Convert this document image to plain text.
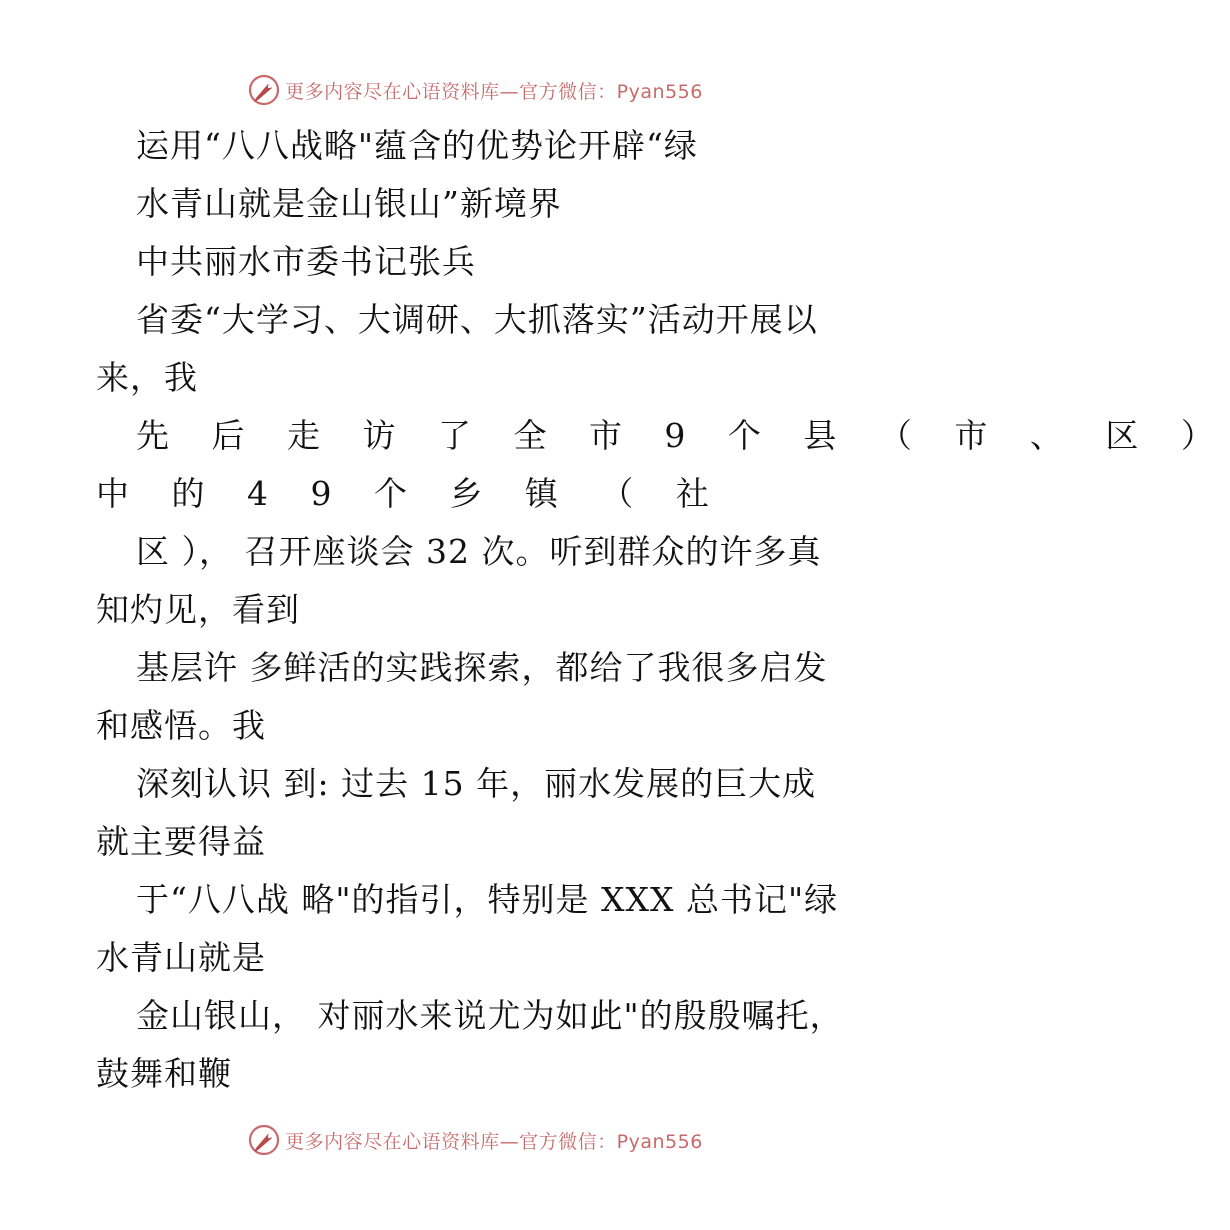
更多内容尽在心语资料库—官方微信：Pyan556
运用“八八战略"蕴含的优势论开辟“绿
水青山就是金山银山”新境界
中共丽水市委书记张兵
省委“大学习、大调研、大抓落实”活动开展以
来，我
先 后 走 访 了 全 市 9 个 县 （ 市 、 区 ）
中 的 4 9 个 乡 镇 （ 社
区 ）， 召开座谈会 32 次。听到群众的许多真
知灼见，看到
基层许 多鲜活的实践探索，都给了我很多启发
和感悟。我
深刻认识 到: 过去 15 年，丽水发展的巨大成
就主要得益
于“八八战 略"的指引，特别是 XXX 总书记"绿
水青山就是
金山银山， 对丽水来说尤为如此"的殷殷嘱托，
鼓舞和鞭
更多内容尽在心语资料库—官方微信：Pyan556
